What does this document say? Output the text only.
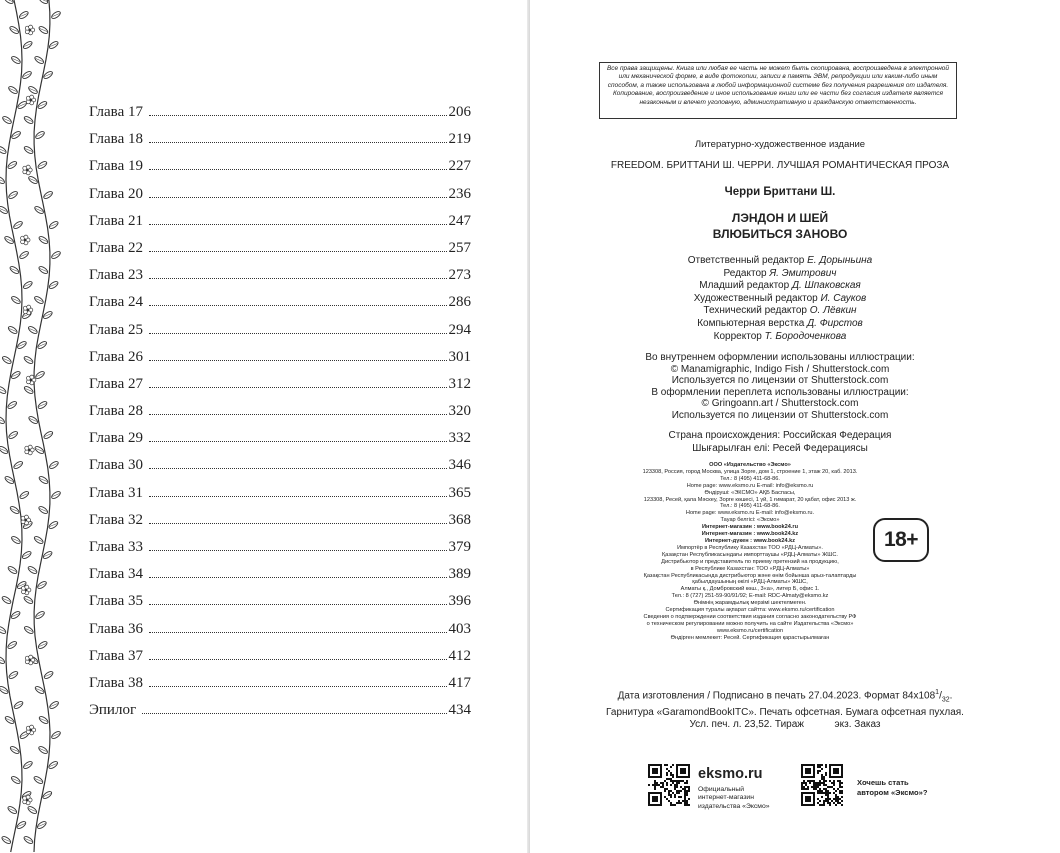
Глава 17	206
Глава 18	219
Глава 19	227
Глава 20	236
Глава 21	247
Глава 22	257
Глава 23	273
Глава 24	286
Глава 25	294
Глава 26	301
Глава 27	312
Глава 28	320
Глава 29	332
Глава 30	346
Глава 31	365
Глава 32	368
Глава 33	379
Глава 34	389
Глава 35	396
Глава 36	403
Глава 37	412
Глава 38	417
Эпилог	434
Все права защищены. Книга или любая ее часть не может быть скопирована, воспроизведена в электронной или механической форме, в виде фотокопии, записи в память ЭВМ, репродукции или каким-либо иным способом, а также использована в любой информационной системе без получения разрешения от издателя. Копирование, воспроизведение и иное использование книги или ее части без согласия издателя является незаконным и влечет уголовную, административную и гражданскую ответственность.
Литературно-художественное издание
FREEDOM. БРИТТАНИ Ш. ЧЕРРИ. ЛУЧШАЯ РОМАНТИЧЕСКАЯ ПРОЗА
Черри Бриттани Ш.
ЛЭНДОН И ШЕЙ
ВЛЮБИТЬСЯ ЗАНОВО
Ответственный редактор Е. Дорыньина
Редактор Я. Эмитрович
Младший редактор Д. Шпаковская
Художественный редактор И. Сауков
Технический редактор О. Лёвкин
Компьютерная верстка Д. Фирстов
Корректор Т. Бородоченкова
Во внутреннем оформлении использованы иллюстрации:
© Manamigraphic, Indigo Fish / Shutterstock.com
Используется по лицензии от Shutterstock.com
В оформлении переплета использованы иллюстрации:
© Gringoann.art / Shutterstock.com
Используется по лицензии от Shutterstock.com
Страна происхождения: Российская Федерация
Шығарылған елі: Ресей Федерациясы
ООО «Издательство «Эксмо»
123308, Россия, город Москва, улица Зорге, дом 1, строение 1, этаж 20, каб. 2013.
Тел.: 8 (495) 411-68-86.
Home page: www.eksmo.ru E-mail: info@eksmo.ru
Өндіруші: «ЭКСМО» АҚБ Баспасы,
123308, Ресей, қала Мәскеу, Зорге көшесі, 1 үй, 1 ғимарат, 20 қабат, офис 2013 ж.
Тел.: 8 (495) 411-68-86.
Home page: www.eksmo.ru E-mail: info@eksmo.ru.
Тауар белгісі: «Эксмо»
Интернет-магазин : www.book24.ru
Интернет-магазин : www.book24.kz
Интернет-дүкен : www.book24.kz
Импортёр в Республику Казахстан ТОО «РДЦ-Алматы».
Қазақстан Республикасындағы импорттаушы «РДЦ-Алматы» ЖШС.
Дистрибьютор и представитель по приему претензий на продукцию,
в Республике Казахстан: ТОО «РДЦ-Алматы»
Қазақстан Республикасында дистрибьютор және өнім бойынша арыз-талаптарды
қабылдаушының өкілі «РДЦ-Алматы» ЖШС,
Алматы қ., Домбровский көш., 3«а», литер Б, офис 1.
Тел.: 8 (727) 251-59-90/91/92; E-mail: RDC-Almaty@eksmo.kz
Өнімнің жарамдылық мерзімі шектелмеген.
Сертификация туралы ақпарат сайтта: www.eksmo.ru/certification
Сведения о подтверждении соответствия издания согласно законодательству РФ
о техническом регулировании можно получить на сайте Издательства «Эксмо»
www.eksmo.ru/certification
Өндірген мемлекет: Ресей. Сертификация қарастырылмаған
18+
Дата изготовления / Подписано в печать 27.04.2023. Формат $84x108^1/_{32}$.
Гарнитура «GaramondBookITC». Печать офсетная. Бумага офсетная пухлая.
Усл. печ. л. 23,52. Тираж           экз. Заказ
eksmo.ru
Официальный
интернет-магазин
издательства «Эксмо»
Хочешь стать
автором «Эксмо»?
